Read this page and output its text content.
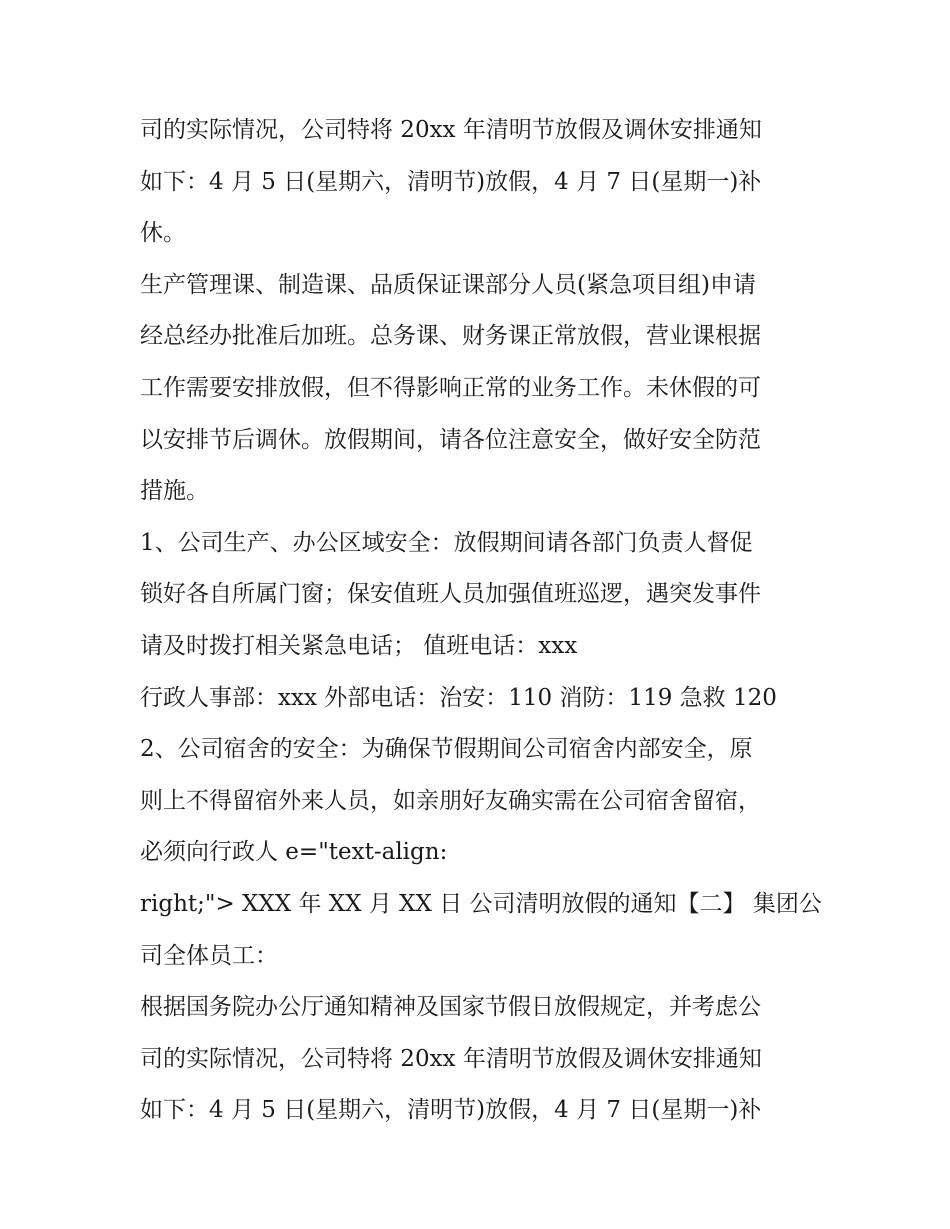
司的实际情况，公司特将 20xx 年清明节放假及调休安排通知
如下：4 月 5 日(星期六，清明节)放假，4 月 7 日(星期一)补
休。
生产管理课、制造课、品质保证课部分人员(紧急项目组)申请
经总经办批准后加班。总务课、财务课正常放假，营业课根据
工作需要安排放假，但不得影响正常的业务工作。未休假的可
以安排节后调休。放假期间，请各位注意安全，做好安全防范
措施。
1、公司生产、办公区域安全：放假期间请各部门负责人督促
锁好各自所属门窗；保安值班人员加强值班巡逻，遇突发事件
请及时拨打相关紧急电话； 值班电话：xxx
行政人事部：xxx 外部电话：治安：110 消防：119 急救 120
2、公司宿舍的安全：为确保节假期间公司宿舍内部安全，原
则上不得留宿外来人员，如亲朋好友确实需在公司宿舍留宿，
必须向行政人 e="text-align:
right;"> XXX 年 XX 月 XX 日 公司清明放假的通知【二】 集团公
司全体员工：
根据国务院办公厅通知精神及国家节假日放假规定，并考虑公
司的实际情况，公司特将 20xx 年清明节放假及调休安排通知
如下：4 月 5 日(星期六，清明节)放假，4 月 7 日(星期一)补
